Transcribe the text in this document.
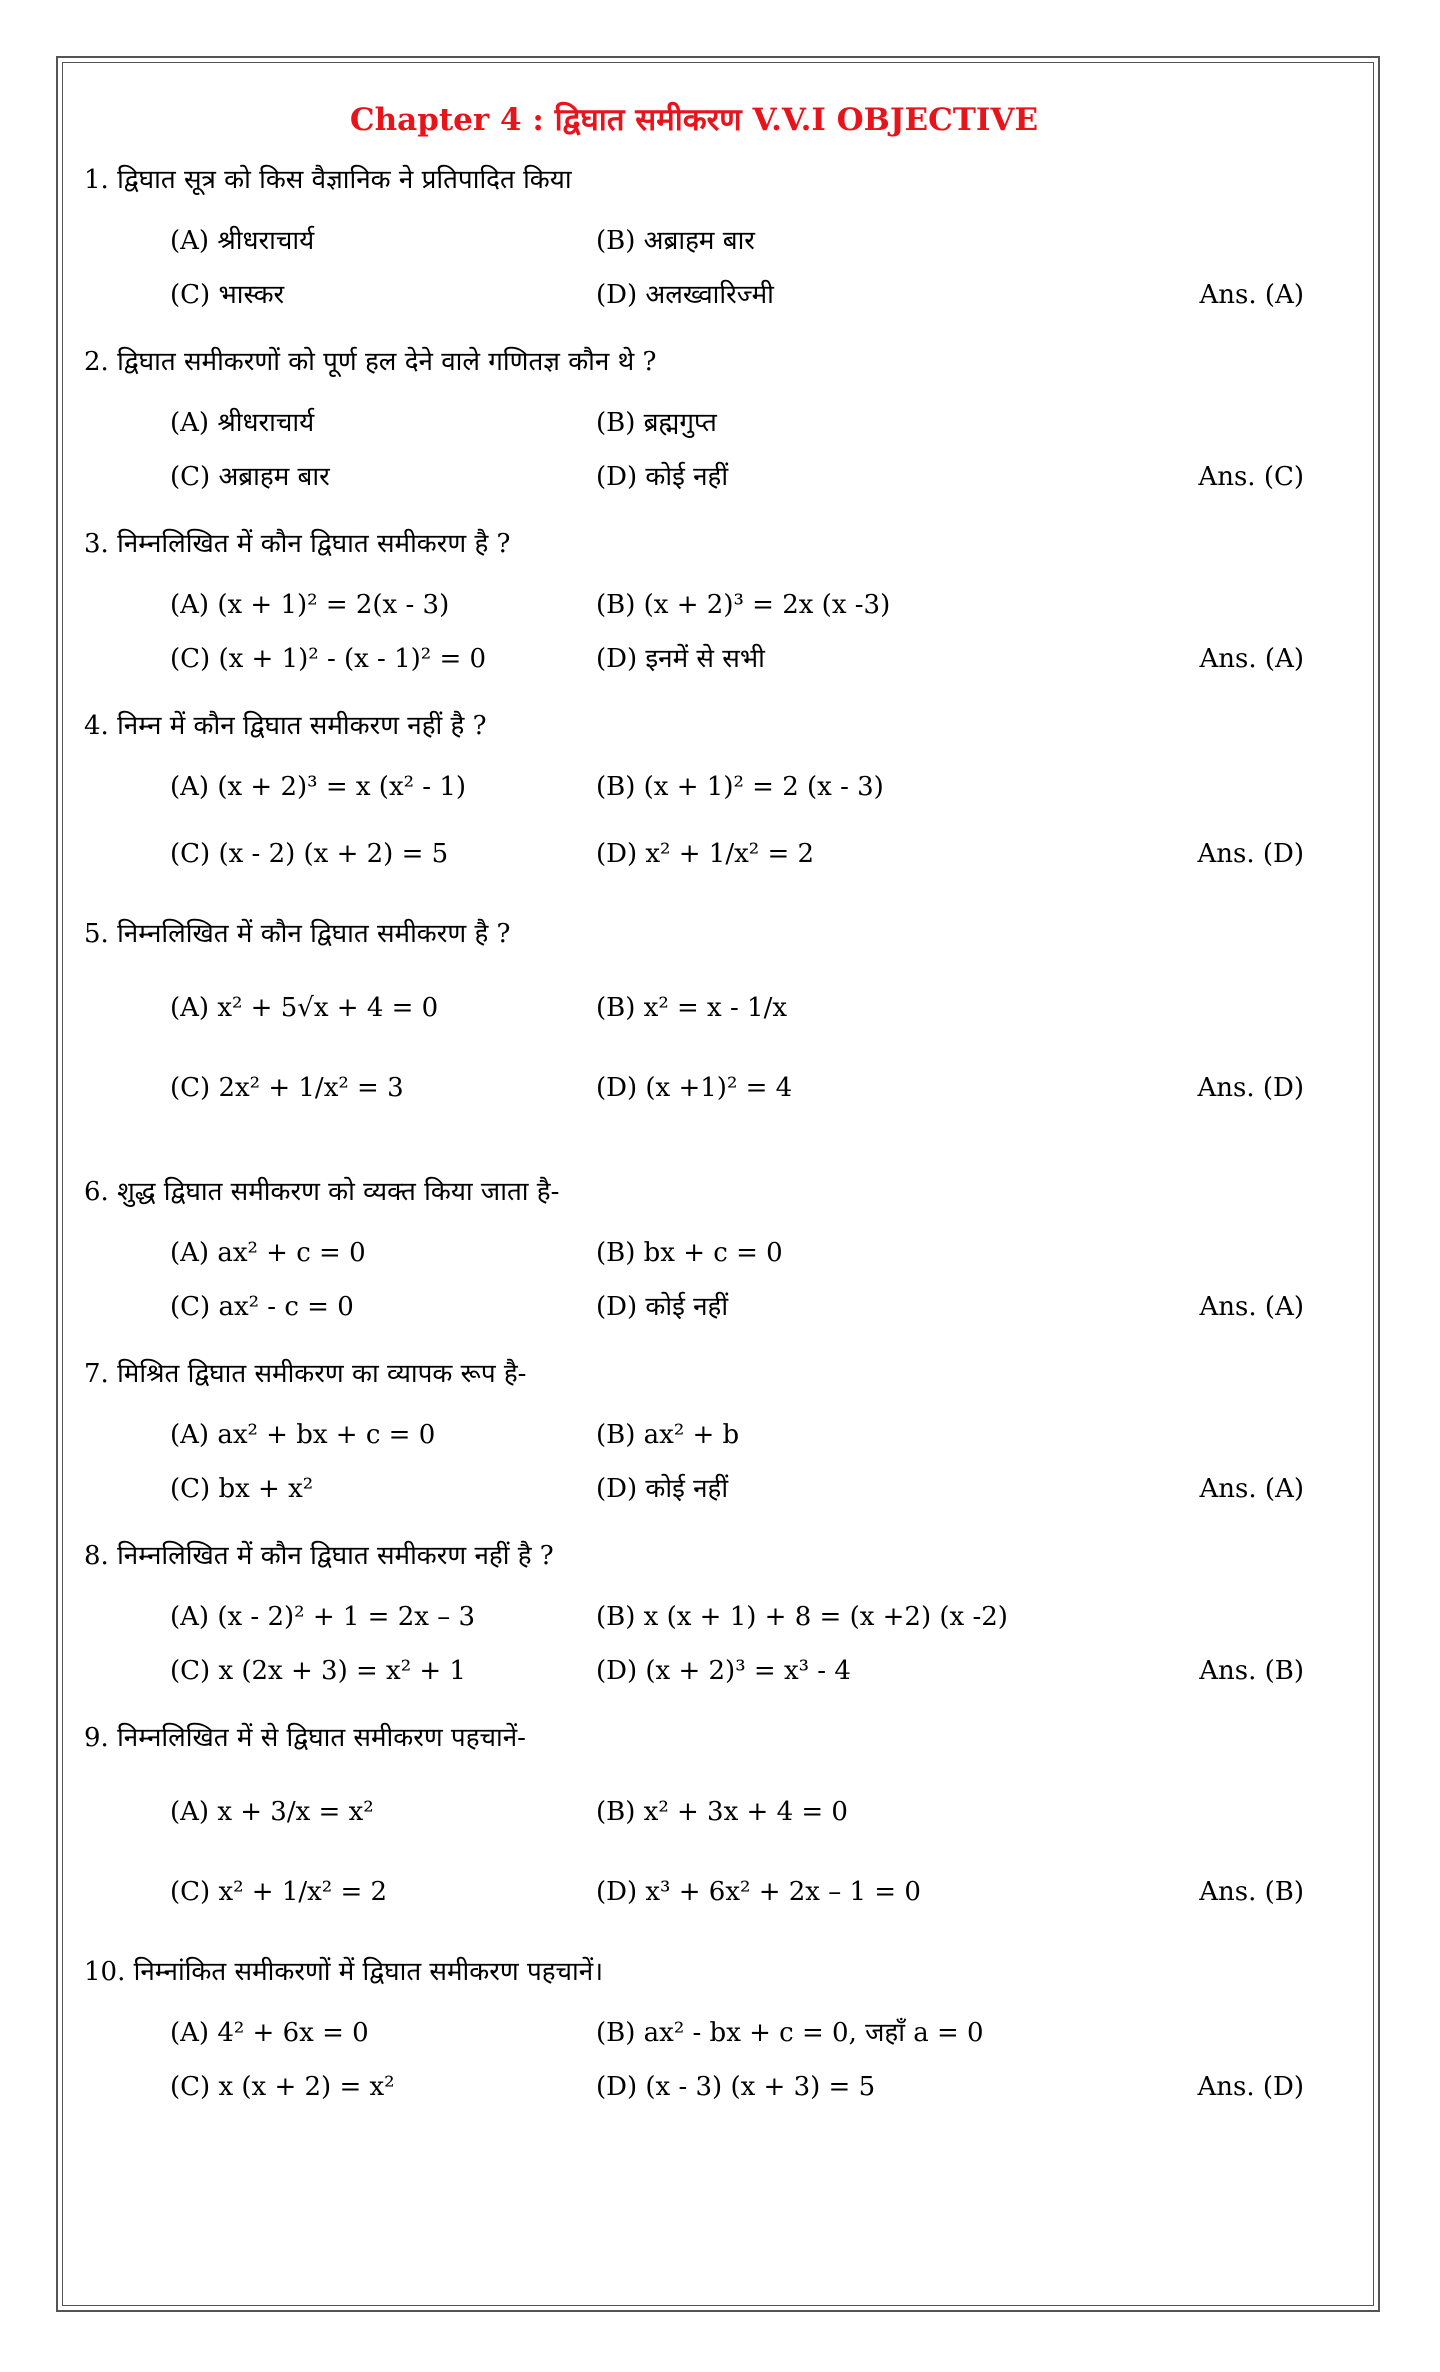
Chapter 4 : द्विघात समीकरण V.V.I OBJECTIVE

1. द्विघात सूत्र को किस वैज्ञानिक ने प्रतिपादित किया

(A) श्रीधराचार्य	(B) अब्राहम बार
(C) भास्कर	(D) अलख्वारिज्मी	Ans. (A)

2. द्विघात समीकरणों को पूर्ण हल देने वाले गणितज्ञ कौन थे ?

(A) श्रीधराचार्य	(B) ब्रह्मगुप्त
(C) अब्राहम बार	(D) कोई नहीं	Ans. (C)

3. निम्नलिखित में कौन द्विघात समीकरण है ?

(A) (x + 1)² = 2(x - 3)	(B) (x + 2)³ = 2x (x -3)
(C) (x + 1)² - (x - 1)² = 0	(D) इनमें से सभी	Ans. (A)

4. निम्न में कौन द्विघात समीकरण नहीं है ?

(A) (x + 2)³ = x (x² - 1)	(B) (x + 1)² = 2 (x - 3)
(C) (x - 2) (x + 2) = 5	(D) x² + 1/x² = 2	Ans. (D)

5. निम्नलिखित में कौन द्विघात समीकरण है ?

(A) x² + 5√x + 4 = 0	(B) x² = x - 1/x
(C) 2x² + 1/x² = 3	(D) (x +1)² = 4	Ans. (D)

6. शुद्ध द्विघात समीकरण को व्यक्त किया जाता है-

(A) ax² + c = 0	(B) bx + c = 0
(C) ax² - c = 0	(D) कोई नहीं	Ans. (A)

7. मिश्रित द्विघात समीकरण का व्यापक रूप है-

(A) ax² + bx + c = 0	(B) ax² + b
(C) bx + x²	(D) कोई नहीं	Ans. (A)

8. निम्नलिखित में कौन द्विघात समीकरण नहीं है ?

(A) (x - 2)² + 1 = 2x – 3	(B) x (x + 1) + 8 = (x +2) (x -2)
(C) x (2x + 3) = x² + 1	(D) (x + 2)³ = x³ - 4	Ans. (B)

9. निम्नलिखित में से द्विघात समीकरण पहचानें-

(A) x + 3/x = x²	(B) x² + 3x + 4 = 0
(C) x² + 1/x² = 2	(D) x³ + 6x² + 2x – 1 = 0	Ans. (B)

10. निम्नांकित समीकरणों में द्विघात समीकरण पहचानें।

(A) 4² + 6x = 0	(B) ax² - bx + c = 0, जहाँ a = 0
(C) x (x + 2) = x²	(D) (x - 3) (x + 3) = 5	Ans. (D)
